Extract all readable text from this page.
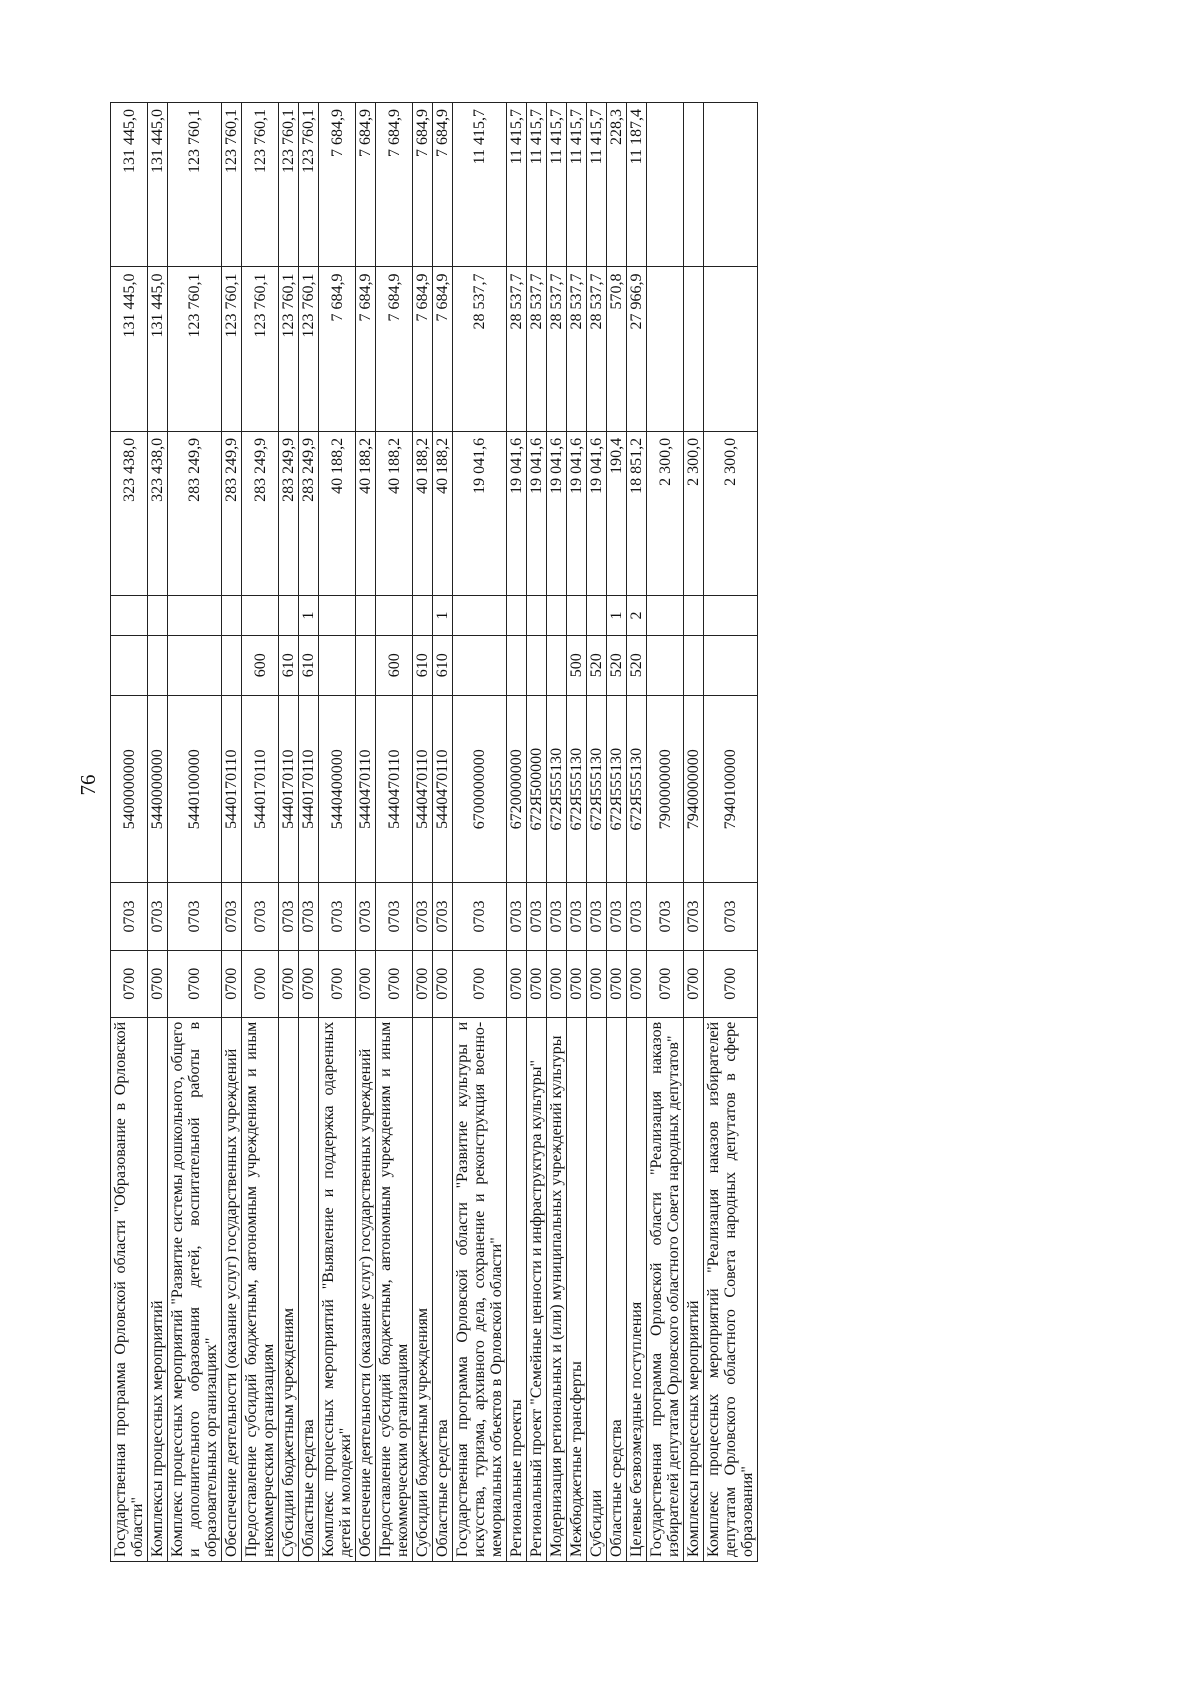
76
Государственная программа Орловской области "Образование в Орловской области"	0700	0703	5400000000			323 438,0	131 445,0	131 445,0
Комплексы процессных мероприятий	0700	0703	5440000000			323 438,0	131 445,0	131 445,0
Комплекс процессных мероприятий "Развитие системы дошкольного, общего и дополнительного образования детей, воспитательной работы в образовательных организациях"	0700	0703	5440100000			283 249,9	123 760,1	123 760,1
Обеспечение деятельности (оказание услуг) государственных учреждений	0700	0703	5440170110			283 249,9	123 760,1	123 760,1
Предоставление субсидий бюджетным, автономным учреждениям и иным некоммерческим организациям	0700	0703	5440170110	600		283 249,9	123 760,1	123 760,1
Субсидии бюджетным учреждениям	0700	0703	5440170110	610		283 249,9	123 760,1	123 760,1
Областные средства	0700	0703	5440170110	610	1	283 249,9	123 760,1	123 760,1
Комплекс процессных мероприятий "Выявление и поддержка одаренных детей и молодежи"	0700	0703	5440400000			40 188,2	7 684,9	7 684,9
Обеспечение деятельности (оказание услуг) государственных учреждений	0700	0703	5440470110			40 188,2	7 684,9	7 684,9
Предоставление субсидий бюджетным, автономным учреждениям и иным некоммерческим организациям	0700	0703	5440470110	600		40 188,2	7 684,9	7 684,9
Субсидии бюджетным учреждениям	0700	0703	5440470110	610		40 188,2	7 684,9	7 684,9
Областные средства	0700	0703	5440470110	610	1	40 188,2	7 684,9	7 684,9
Государственная программа Орловской области "Развитие культуры и искусства, туризма, архивного дела, сохранение и реконструкция военно-мемориальных объектов в Орловской области"	0700	0703	6700000000			19 041,6	28 537,7	11 415,7
Региональные проекты	0700	0703	6720000000			19 041,6	28 537,7	11 415,7
Региональный проект "Семейные ценности и инфраструктура культуры"	0700	0703	672Я500000			19 041,6	28 537,7	11 415,7
Модернизация региональных и (или) муниципальных учреждений культуры	0700	0703	672Я555130			19 041,6	28 537,7	11 415,7
Межбюджетные трансферты	0700	0703	672Я555130	500		19 041,6	28 537,7	11 415,7
Субсидии	0700	0703	672Я555130	520		19 041,6	28 537,7	11 415,7
Областные средства	0700	0703	672Я555130	520	1	190,4	570,8	228,3
Целевые безвозмездные поступления	0700	0703	672Я555130	520	2	18 851,2	27 966,9	11 187,4
Государственная программа Орловской области "Реализация наказов избирателей депутатам Орловского областного Совета народных депутатов"	0700	0703	7900000000			2 300,0		
Комплексы процессных мероприятий	0700	0703	7940000000			2 300,0		
Комплекс процессных мероприятий "Реализация наказов избирателей депутатам Орловского областного Совета народных депутатов в сфере образования"	0700	0703	7940100000			2 300,0		
